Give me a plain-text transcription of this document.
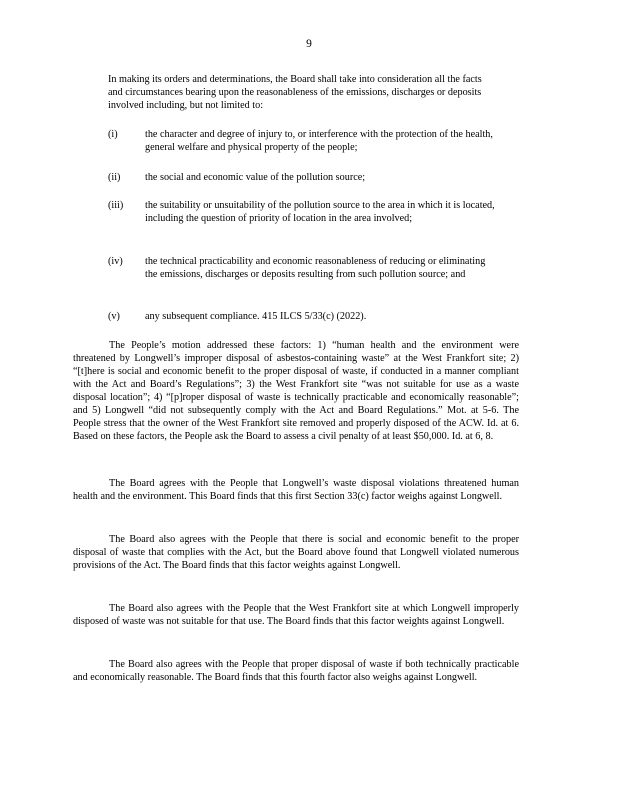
9
In making its orders and determinations, the Board shall take into consideration all the facts and circumstances bearing upon the reasonableness of the emissions, discharges or deposits involved including, but not limited to:
(i)	the character and degree of injury to, or interference with the protection of the health, general welfare and physical property of the people;
(ii) the social and economic value of the pollution source;
(iii) the suitability or unsuitability of the pollution source to the area in which it is located, including the question of priority of location in the area involved;
(iv) the technical practicability and economic reasonableness of reducing or eliminating the emissions, discharges or deposits resulting from such pollution source; and
(v) any subsequent compliance. 415 ILCS 5/33(c) (2022).
The People’s motion addressed these factors: 1) “human health and the environment were threatened by Longwell’s improper disposal of asbestos-containing waste” at the West Frankfort site; 2) “[t]here is social and economic benefit to the proper disposal of waste, if conducted in a manner compliant with the Act and Board’s Regulations”; 3) the West Frankfort site “was not suitable for use as a waste disposal location”; 4) “[p]roper disposal of waste is technically practicable and economically reasonable”; and 5) Longwell “did not subsequently comply with the Act and Board Regulations.” Mot. at 5-6. The People stress that the owner of the West Frankfort site removed and properly disposed of the ACW. Id. at 6. Based on these factors, the People ask the Board to assess a civil penalty of at least $50,000. Id. at 6, 8.
The Board agrees with the People that Longwell’s waste disposal violations threatened human health and the environment. This Board finds that this first Section 33(c) factor weighs against Longwell.
The Board also agrees with the People that there is social and economic benefit to the proper disposal of waste that complies with the Act, but the Board above found that Longwell violated numerous provisions of the Act. The Board finds that this factor weights against Longwell.
The Board also agrees with the People that the West Frankfort site at which Longwell improperly disposed of waste was not suitable for that use. The Board finds that this factor weights against Longwell.
The Board also agrees with the People that proper disposal of waste if both technically practicable and economically reasonable. The Board finds that this fourth factor also weighs against Longwell.
